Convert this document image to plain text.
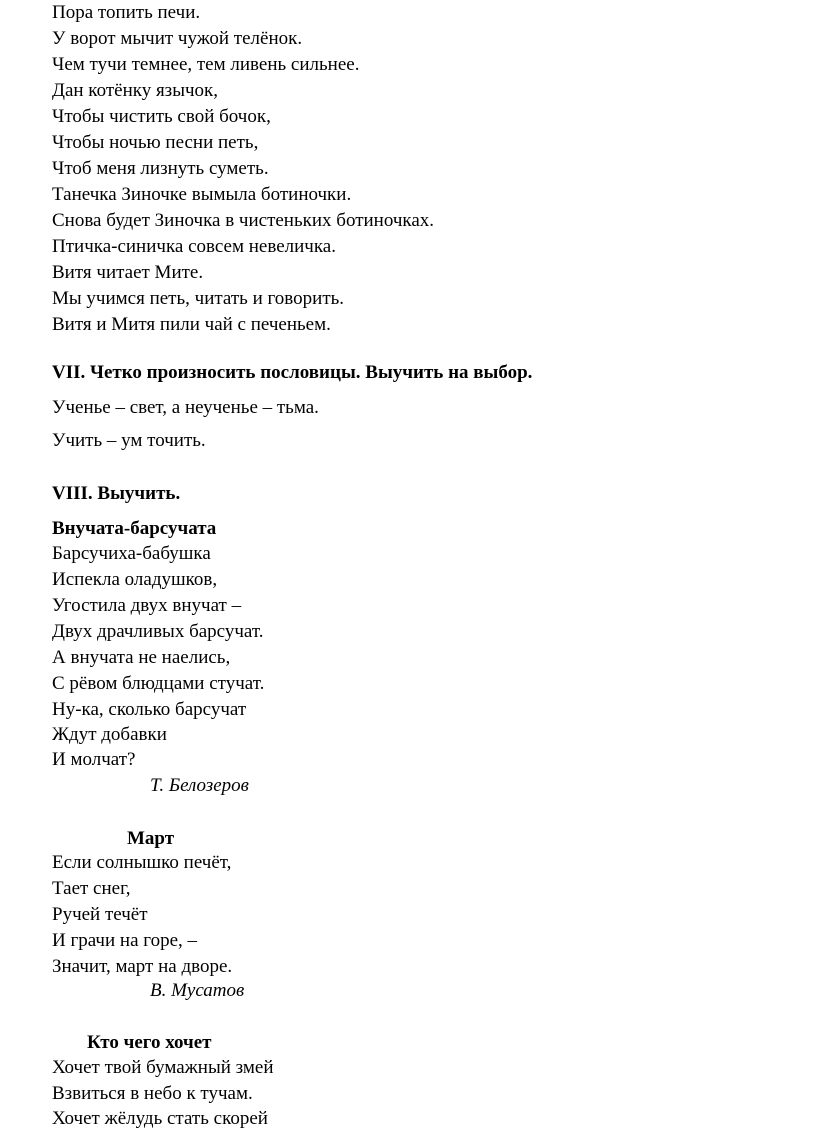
Пора топить печи.
У ворот мычит чужой телёнок.
Чем тучи темнее, тем ливень сильнее.
Дан котёнку язычок,
Чтобы чистить свой бочок,
Чтобы ночью песни петь,
Чтоб меня лизнуть суметь.
Танечка Зиночке вымыла ботиночки.
Снова будет Зиночка в чистеньких ботиночках.
Птичка-синичка совсем невеличка.
Витя читает Мите.
Мы учимся петь, читать и говорить.
Витя и Митя пили чай с печеньем.
VII. Четко произносить пословицы. Выучить на выбор.
Ученье – свет, а неученье – тьма.
Учить – ум точить.
VIII. Выучить.
Внучата-барсучата
Барсучиха-бабушка
Испекла оладушков,
Угостила двух внучат –
Двух драчливых барсучат.
А внучата не наелись,
С рёвом блюдцами стучат.
Ну-ка, сколько барсучат
Ждут добавки
И молчат?
Т. Белозеров
Март
Если солнышко печёт,
Тает снег,
Ручей течёт
И грачи на горе, –
Значит, март на дворе.
В. Мусатов
Кто чего хочет
Хочет твой бумажный змей
Взвиться в небо к тучам.
Хочет жёлудь стать скорей
